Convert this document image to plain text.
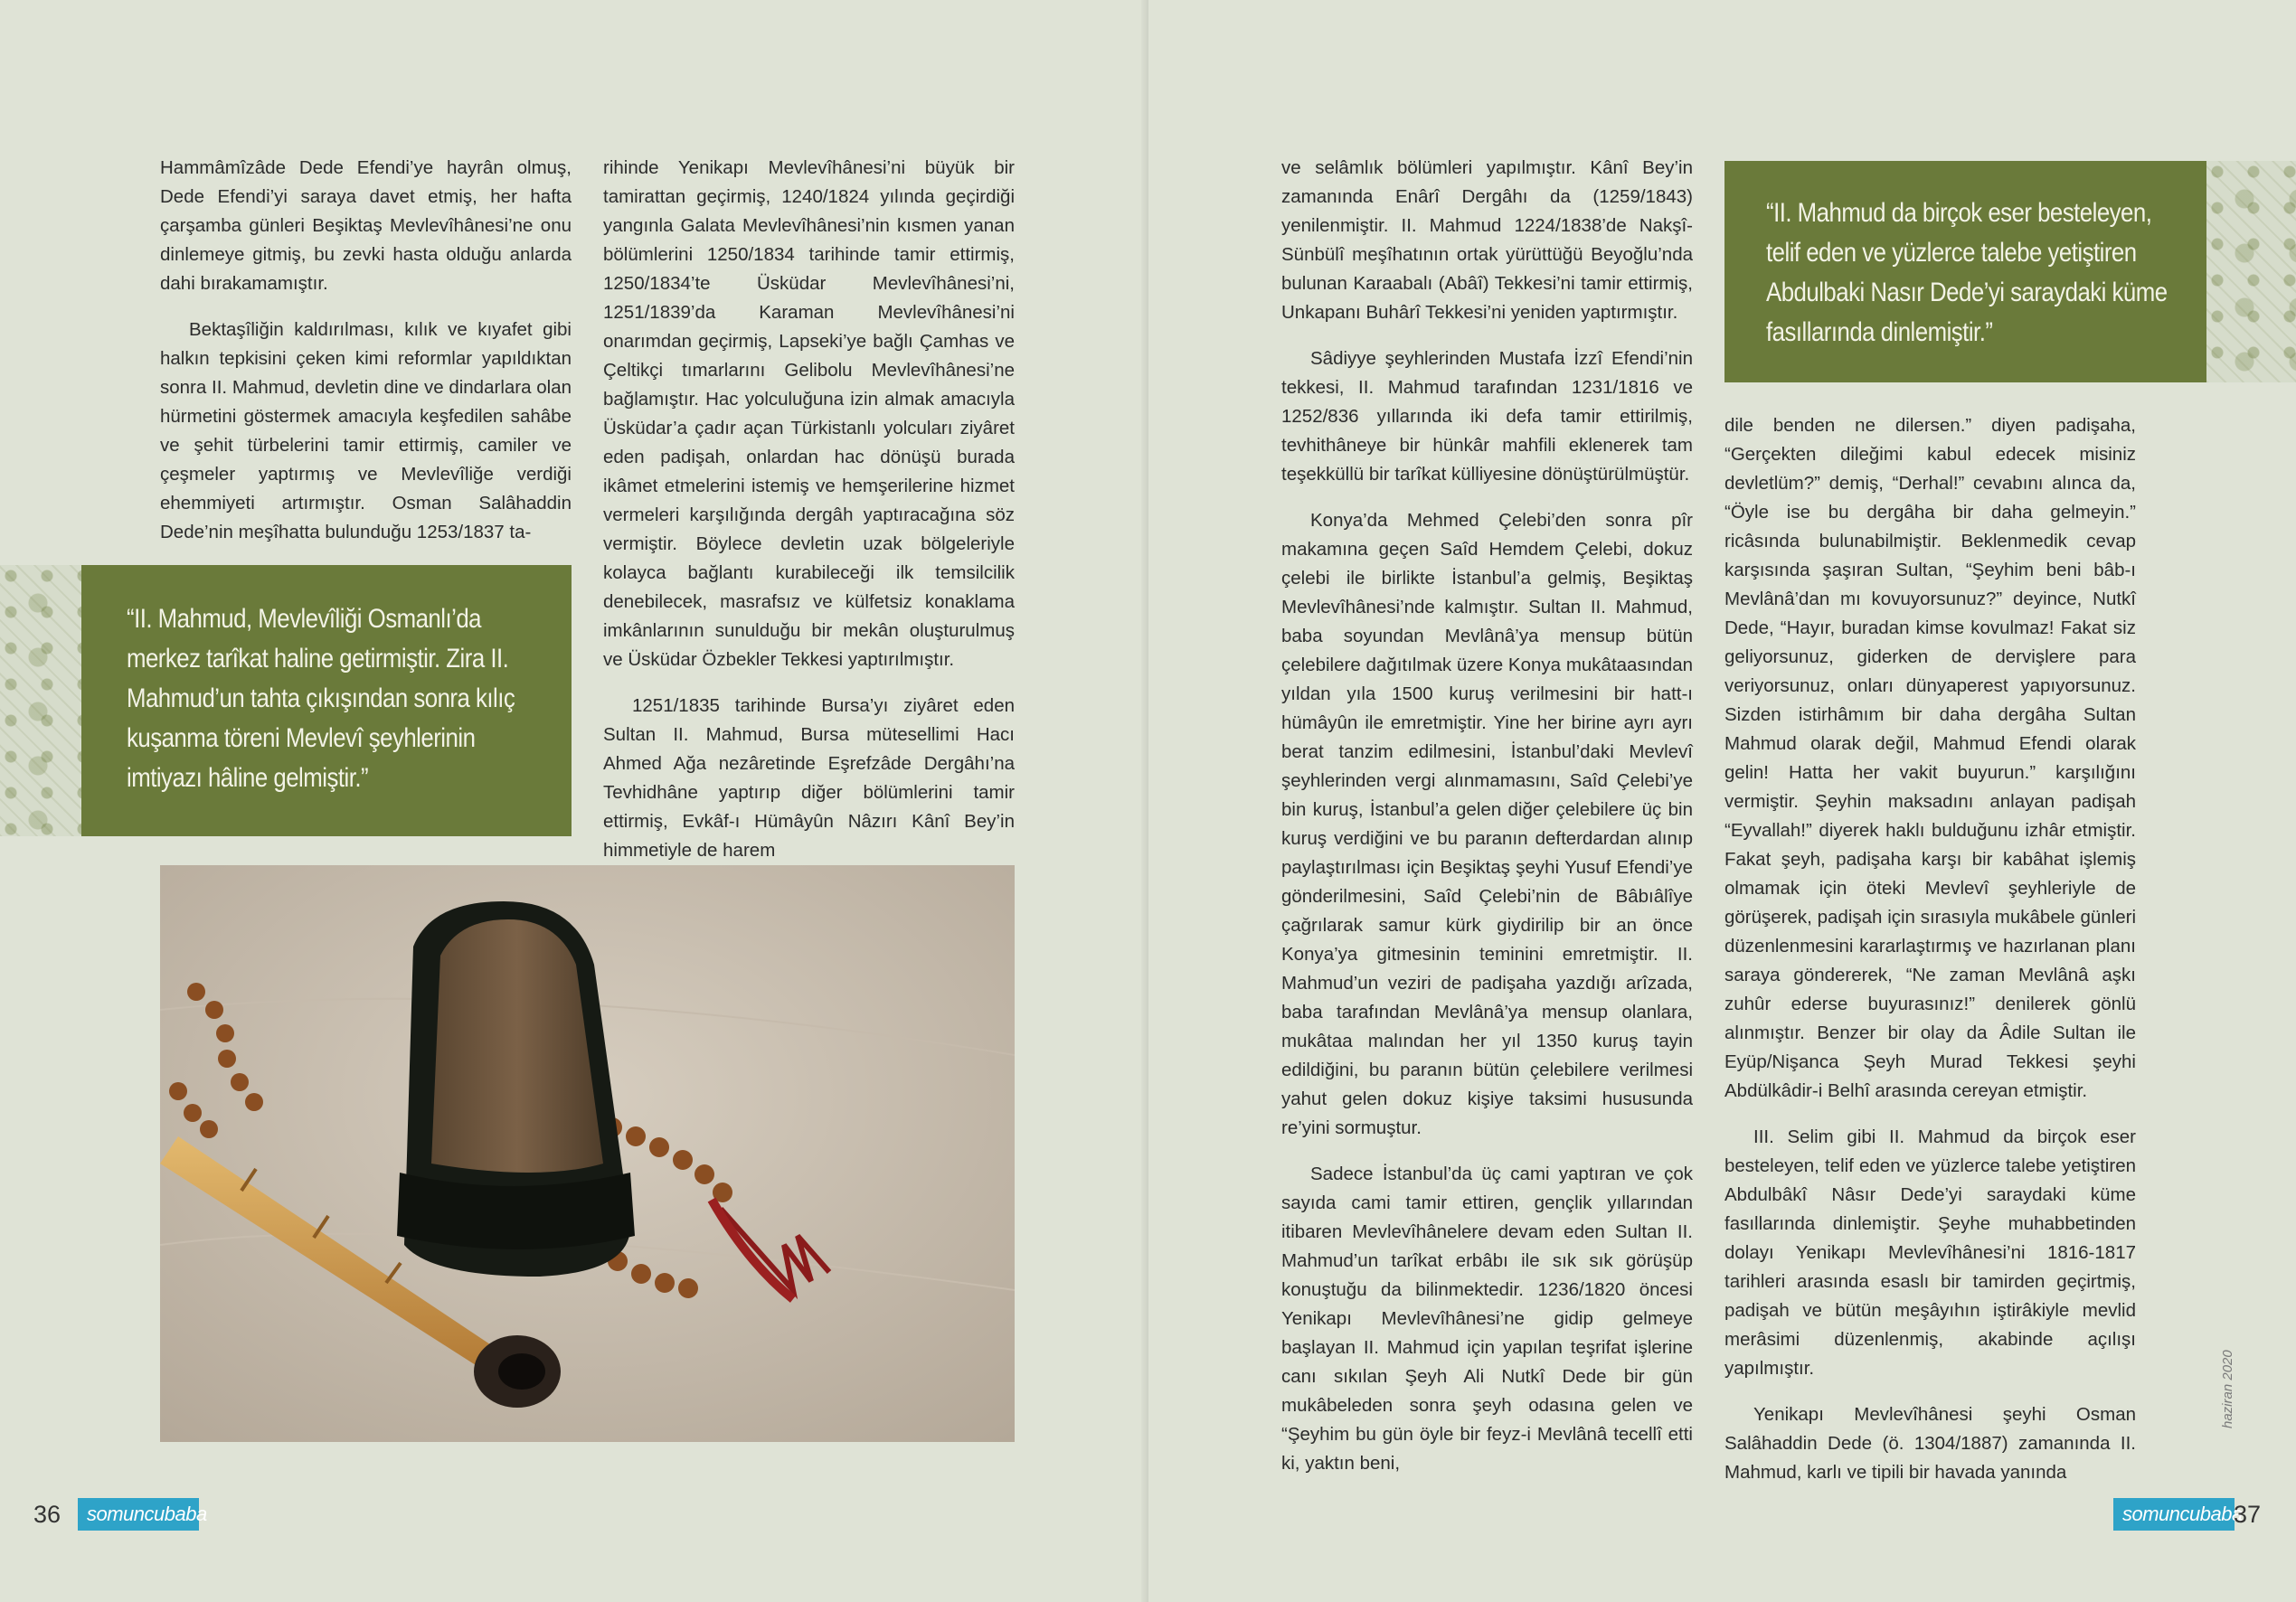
Hammâmîzâde Dede Efendi’ye hayrân olmuş, Dede Efendi’yi saraya davet etmiş, her hafta çarşamba günleri Beşiktaş Mevlevîhânesi’ne onu dinlemeye gitmiş, bu zevki hasta olduğu anlarda dahi bırakamamıştır.

Bektaşîliğin kaldırılması, kılık ve kıyafet gibi halkın tepkisini çeken kimi reformlar yapıldıktan sonra II. Mahmud, devletin dine ve dindarlara olan hürmetini göstermek amacıyla keşfedilen sahâbe ve şehit türbelerini tamir ettirmiş, camiler ve çeşmeler yaptırmış ve Mevlevîliğe verdiği ehemmiyeti artırmıştır. Osman Salâhaddin Dede’nin meşîhatta bulunduğu 1253/1837 ta-

rihinde Yenikapı Mevlevîhânesi’ni büyük bir tamirattan geçirmiş, 1240/1824 yılında geçirdiği yangınla Galata Mevlevîhânesi’nin kısmen yanan bölümlerini 1250/1834 tarihinde tamir ettirmiş, 1250/1834’te Üsküdar Mevlevîhânesi’ni, 1251/1839’da Karaman Mevlevîhânesi’ni onarımdan geçirmiş, Lapseki’ye bağlı Çamhas ve Çeltikçi tımarlarını Gelibolu Mevlevîhânesi’ne bağlamıştır. Hac yolculuğuna izin almak amacıyla Üsküdar’a çadır açan Türkistanlı yolcuları ziyâret eden padişah, onlardan hac dönüşü burada ikâmet etmelerini istemiş ve hemşerilerine hizmet vermeleri karşılığında dergâh yaptıracağına söz vermiştir. Böylece devletin uzak bölgeleriyle kolayca bağlantı kurabileceği ilk temsilcilik denebilecek, masrafsız ve külfetsiz konaklama imkânlarının sunulduğu bir mekân oluşturulmuş ve Üsküdar Özbekler Tekkesi yaptırılmıştır.

1251/1835 tarihinde Bursa’yı ziyâret eden Sultan II. Mahmud, Bursa mütesellimi Hacı Ahmed Ağa nezâretinde Eşrefzâde Dergâhı’na Tevhidhâne yaptırıp diğer bölümlerini tamir ettirmiş, Evkâf-ı Hümâyûn Nâzırı Kânî Bey’in himmetiyle de harem

“II. Mahmud, Mevlevîliği Osmanlı’da merkez tarîkat haline getirmiştir. Zira II. Mahmud’un tahta çıkışından sonra kılıç kuşanma töreni Mevlevî şeyhlerinin imtiyazı hâline gelmiştir.”
36	somuncubaba

ve selâmlık bölümleri yapılmıştır. Kânî Bey’in zamanında Enârî Dergâhı da (1259/1843) yenilenmiştir. II. Mahmud 1224/1838’de Nakşî-Sünbülî meşîhatının ortak yürüttüğü Beyoğlu’nda bulunan Karaabalı (Abâî) Tekkesi’ni tamir ettirmiş, Unkapanı Buhârî Tekkesi’ni yeniden yaptırmıştır.

Sâdiyye şeyhlerinden Mustafa İzzî Efendi’nin tekkesi, II. Mahmud tarafından 1231/1816 ve 1252/836 yıllarında iki defa tamir ettirilmiş, tevhithâneye bir hünkâr mahfili eklenerek tam teşekküllü bir tarîkat külliyesine dönüştürülmüştür.

Konya’da Mehmed Çelebi’den sonra pîr makamına geçen Saîd Hemdem Çelebi, dokuz çelebi ile birlikte İstanbul’a gelmiş, Beşiktaş Mevlevîhânesi’nde kalmıştır. Sultan II. Mahmud, baba soyundan Mevlânâ’ya mensup bütün çelebilere dağıtılmak üzere Konya mukâtaasından yıldan yıla 1500 kuruş verilmesini bir hatt-ı hümâyûn ile emretmiştir. Yine her birine ayrı ayrı berat tanzim edilmesini, İstanbul’daki Mevlevî şeyhlerinden vergi alınmamasını, Saîd Çelebi’ye bin kuruş, İstanbul’a gelen diğer çelebilere üç bin kuruş verdiğini ve bu paranın defterdardan alınıp paylaştırılması için Beşiktaş şeyhi Yusuf Efendi’ye gönderilmesini, Saîd Çelebi’nin de Bâbıâlîye çağrılarak samur kürk giydirilip bir an önce Konya’ya gitmesinin teminini emretmiştir. II. Mahmud’un veziri de padişaha yazdığı arîzada, baba tarafından Mevlânâ’ya mensup olanlara, mukâtaa malından her yıl 1350 kuruş tayin edildiğini, bu paranın bütün çelebilere verilmesi yahut gelen dokuz kişiye taksimi hususunda re’yini sormuştur.

Sadece İstanbul’da üç cami yaptıran ve çok sayıda cami tamir ettiren, gençlik yıllarından itibaren Mevlevîhânelere devam eden Sultan II. Mahmud’un tarîkat erbâbı ile sık sık görüşüp konuştuğu da bilinmektedir. 1236/1820 öncesi Yenikapı Mevlevîhânesi’ne gidip gelmeye başlayan II. Mahmud için yapılan teşrifat işlerine canı sıkılan Şeyh Ali Nutkî Dede bir gün mukâbeleden sonra şeyh odasına gelen ve “Şeyhim bu gün öyle bir feyz-i Mevlânâ tecellî etti ki, yaktın beni,

“II. Mahmud da birçok eser besteleyen, telif eden ve yüzlerce talebe yetiştiren Abdulbaki Nasır Dede’yi saraydaki küme fasıllarında dinlemiştir.”

dile benden ne dilersen.” diyen padişaha, “Gerçekten dileğimi kabul edecek misiniz devletlüm?” demiş, “Derhal!” cevabını alınca da, “Öyle ise bu dergâha bir daha gelmeyin.” ricâsında bulunabilmiştir. Beklenmedik cevap karşısında şaşıran Sultan, “Şeyhim beni bâb-ı Mevlânâ’dan mı kovuyorsunuz?” deyince, Nutkî Dede, “Hayır, buradan kimse kovulmaz! Fakat siz geliyorsunuz, giderken de dervişlere para veriyorsunuz, onları dünyaperest yapıyorsunuz. Sizden istirhâmım bir daha dergâha Sultan Mahmud olarak değil, Mahmud Efendi olarak gelin! Hatta her vakit buyurun.” karşılığını vermiştir. Şeyhin maksadını anlayan padişah “Eyvallah!” diyerek haklı bulduğunu izhâr etmiştir. Fakat şeyh, padişaha karşı bir kabâhat işlemiş olmamak için öteki Mevlevî şeyhleriyle de görüşerek, padişah için sırasıyla mukâbele günleri düzenlenmesini kararlaştırmış ve hazırlanan planı saraya göndererek, “Ne zaman Mevlânâ aşkı zuhûr ederse buyurasınız!” denilerek gönlü alınmıştır. Benzer bir olay da Âdile Sultan ile Eyüp/Nişanca Şeyh Murad Tekkesi şeyhi Abdülkâdir-i Belhî arasında cereyan etmiştir.

III. Selim gibi II. Mahmud da birçok eser besteleyen, telif eden ve yüzlerce talebe yetiştiren Abdulbâkî Nâsır Dede’yi saraydaki küme fasıllarında dinlemiştir. Şeyhe muhabbetinden dolayı Yenikapı Mevlevîhânesi’ni 1816-1817 tarihleri arasında esaslı bir tamirden geçirtmiş, padişah ve bütün meşâyıhın iştirâkiyle mevlid merâsimi düzenlenmiş, akabinde açılışı yapılmıştır.

Yenikapı Mevlevîhânesi şeyhi Osman Salâhaddin Dede (ö. 1304/1887) zamanında II. Mahmud, karlı ve tipili bir havada yanında

somuncubaba
37
haziran 2020
